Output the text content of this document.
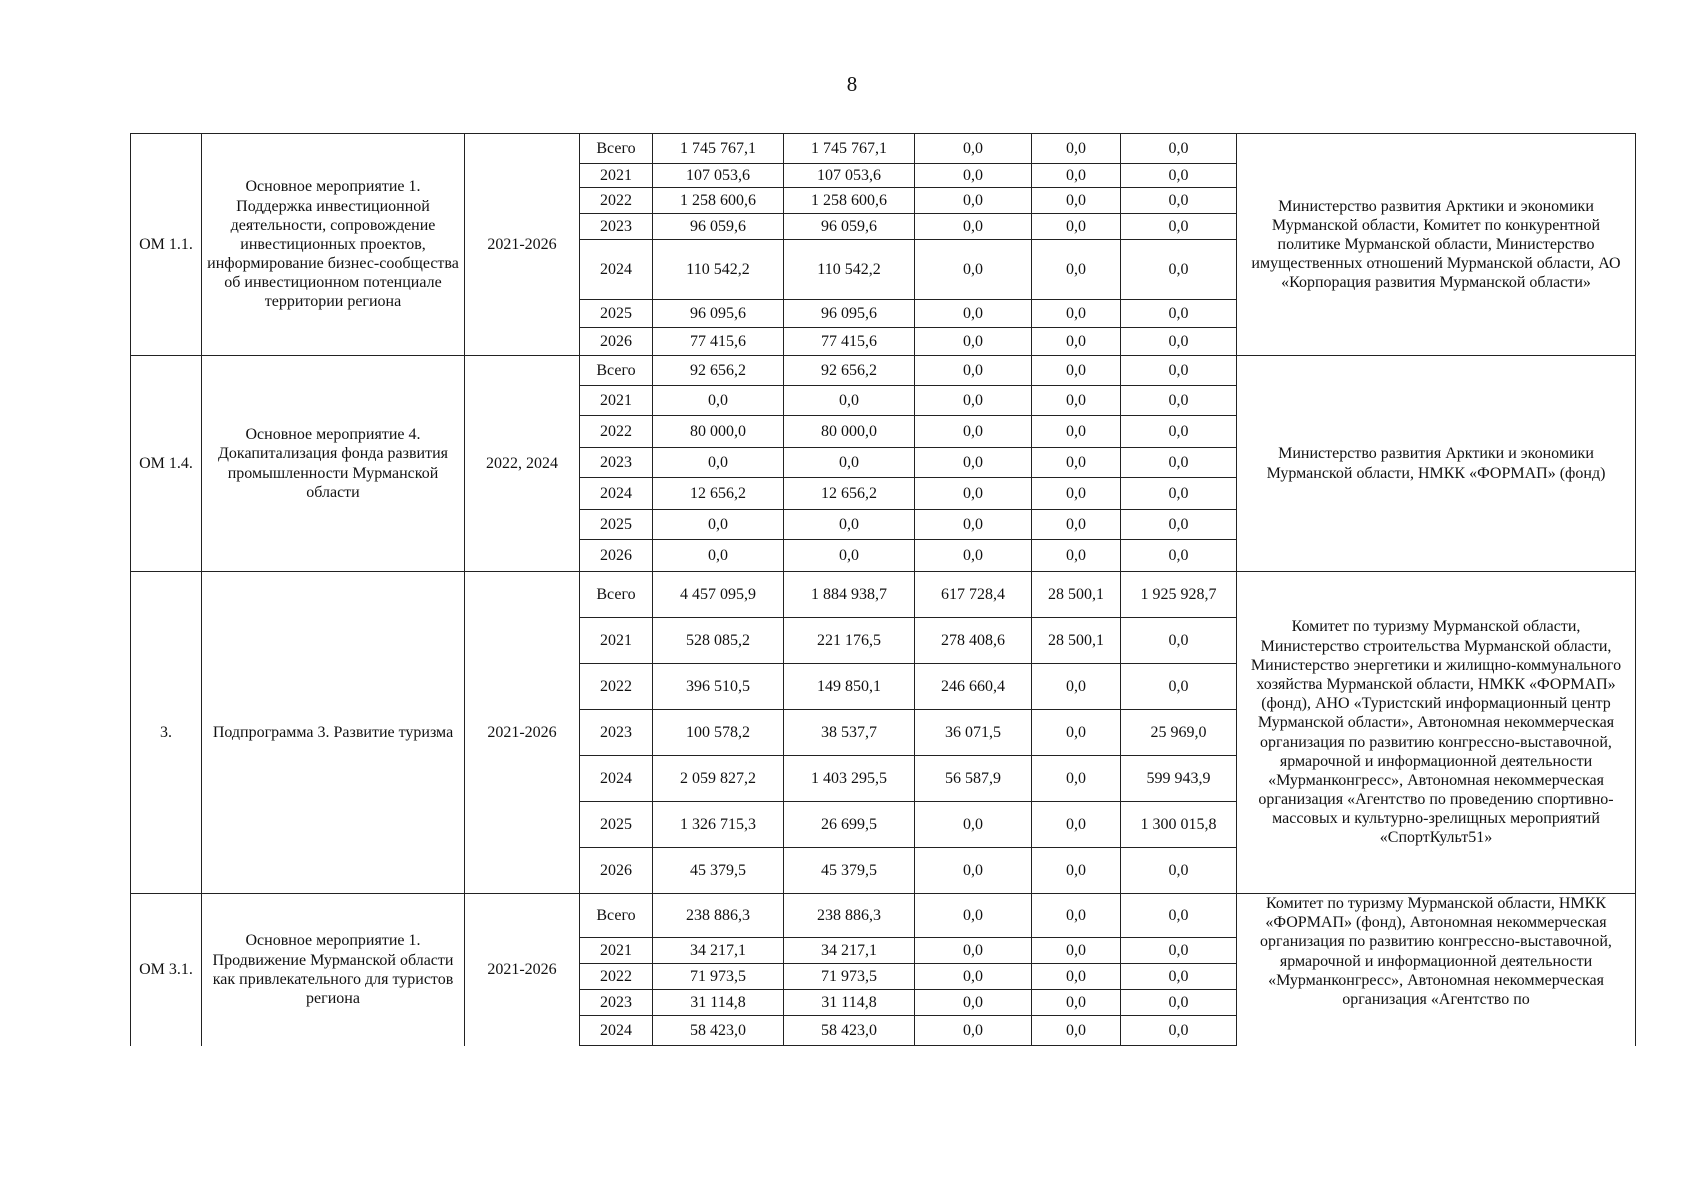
8
ОМ 1.1.	Основное мероприятие 1. Поддержка инвестиционной деятельности, сопровождение инвестиционных проектов, информирование бизнес-сообщества об инвестиционном потенциале территории региона	2021-2026	Всего	1 745 767,1	1 745 767,1	0,0	0,0	0,0	Министерство развития Арктики и экономики Мурманской области, Комитет по конкурентной политике Мурманской области, Министерство имущественных отношений Мурманской области, АО «Корпорация развития Мурманской области»
			2021	107 053,6	107 053,6	0,0	0,0	0,0	
			2022	1 258 600,6	1 258 600,6	0,0	0,0	0,0	
			2023	96 059,6	96 059,6	0,0	0,0	0,0	
			2024	110 542,2	110 542,2	0,0	0,0	0,0	
			2025	96 095,6	96 095,6	0,0	0,0	0,0	
			2026	77 415,6	77 415,6	0,0	0,0	0,0	
ОМ 1.4.	Основное мероприятие 4. Докапитализация фонда развития промышленности Мурманской области	2022, 2024	Всего	92 656,2	92 656,2	0,0	0,0	0,0	Министерство развития Арктики и экономики Мурманской области, НМКК «ФОРМАП» (фонд)
			2021	0,0	0,0	0,0	0,0	0,0	
			2022	80 000,0	80 000,0	0,0	0,0	0,0	
			2023	0,0	0,0	0,0	0,0	0,0	
			2024	12 656,2	12 656,2	0,0	0,0	0,0	
			2025	0,0	0,0	0,0	0,0	0,0	
			2026	0,0	0,0	0,0	0,0	0,0	
3.	Подпрограмма 3. Развитие туризма	2021-2026	Всего	4 457 095,9	1 884 938,7	617 728,4	28 500,1	1 925 928,7	Комитет по туризму Мурманской области, Министерство строительства Мурманской области, Министерство энергетики и жилищно-коммунального хозяйства Мурманской области, НМКК «ФОРМАП» (фонд), АНО «Туристский информационный центр Мурманской области», Автономная некоммерческая организация по развитию конгрессно-выставочной, ярмарочной и информационной деятельности «Мурманконгресс», Автономная некоммерческая организация «Агентство по проведению спортивно-массовых и культурно-зрелищных мероприятий «СпортКульт51»
			2021	528 085,2	221 176,5	278 408,6	28 500,1	0,0	
			2022	396 510,5	149 850,1	246 660,4	0,0	0,0	
			2023	100 578,2	38 537,7	36 071,5	0,0	25 969,0	
			2024	2 059 827,2	1 403 295,5	56 587,9	0,0	599 943,9	
			2025	1 326 715,3	26 699,5	0,0	0,0	1 300 015,8	
			2026	45 379,5	45 379,5	0,0	0,0	0,0	
ОМ 3.1.	Основное мероприятие 1. Продвижение Мурманской области как привлекательного для туристов региона	2021-2026	Всего	238 886,3	238 886,3	0,0	0,0	0,0	Комитет по туризму Мурманской области, НМКК «ФОРМАП» (фонд), Автономная некоммерческая организация по развитию конгрессно-выставочной, ярмарочной и информационной деятельности «Мурманконгресс», Автономная некоммерческая организация «Агентство по
			2021	34 217,1	34 217,1	0,0	0,0	0,0	
			2022	71 973,5	71 973,5	0,0	0,0	0,0	
			2023	31 114,8	31 114,8	0,0	0,0	0,0	
			2024	58 423,0	58 423,0	0,0	0,0	0,0	
